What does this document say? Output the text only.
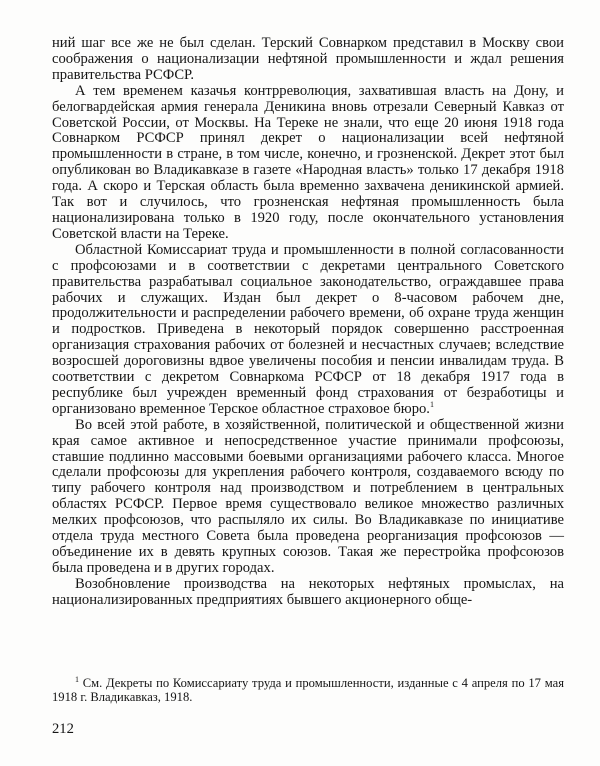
ний шаг все же не был сделан. Терский Совнарком представил в Москву свои соображения о национализации нефтяной промышленности и ждал решения правительства РСФСР.

А тем временем казачья контрреволюция, захватившая власть на Дону, и белогвардейская армия генерала Деникина вновь отрезали Северный Кавказ от Советской России, от Москвы. На Тереке не знали, что еще 20 июня 1918 года Совнарком РСФСР принял декрет о национализации всей нефтяной промышленности в стране, в том числе, конечно, и грозненской. Декрет этот был опубликован во Владикавказе в газете «Народная власть» только 17 декабря 1918 года. А скоро и Терская область была временно захвачена деникинской армией. Так вот и случилось, что грозненская нефтяная промышленность была национализирована только в 1920 году, после окончательного установления Советской власти на Тереке.

Областной Комиссариат труда и промышленности в полной согласованности с профсоюзами и в соответствии с декретами центрального Советского правительства разрабатывал социальное законодательство, ограждавшее права рабочих и служащих. Издан был декрет о 8-часовом рабочем дне, продолжительности и распределении рабочего времени, об охране труда женщин и подростков. Приведена в некоторый порядок совершенно расстроенная организация страхования рабочих от болезней и несчастных случаев; вследствие возросшей дороговизны вдвое увеличены пособия и пенсии инвалидам труда. В соответствии с декретом Совнаркома РСФСР от 18 декабря 1917 года в республике был учрежден временный фонд страхования от безработицы и организовано временное Терское областное страховое бюро.$^1$

Во всей этой работе, в хозяйственной, политической и общественной жизни края самое активное и непосредственное участие принимали профсоюзы, ставшие подлинно массовыми боевыми организациями рабочего класса. Многое сделали профсоюзы для укрепления рабочего контроля, создаваемого всюду по типу рабочего контроля над производством и потреблением в центральных областях РСФСР. Первое время существовало великое множество различных мелких профсоюзов, что распыляло их силы. Во Владикавказе по инициативе отдела труда местного Совета была проведена реорганизация профсоюзов — объединение их в девять крупных союзов. Такая же перестройка профсоюзов была проведена и в других городах.

Возобновление производства на некоторых нефтяных промыслах, на национализированных предприятиях бывшего акционерного обще-

$^1$ См. Декреты по Комиссариату труда и промышленности, изданные с 4 апреля по 17 мая 1918 г. Владикавказ, 1918.
212
